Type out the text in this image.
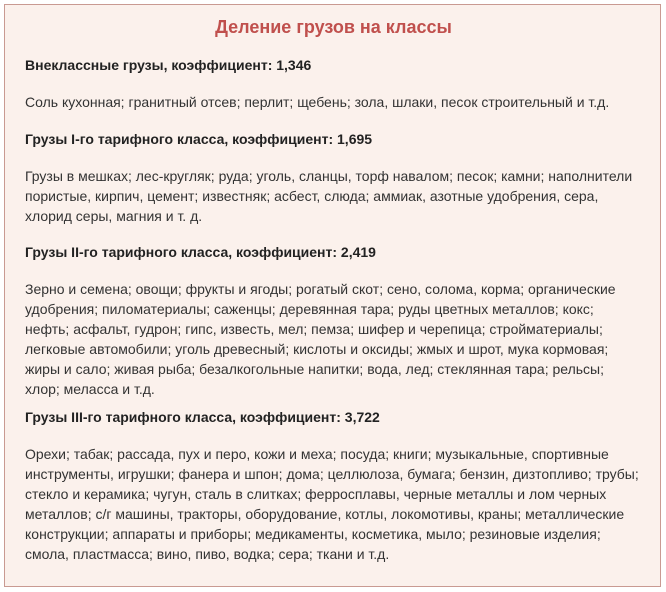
Деление грузов на классы
Внеклассные грузы, коэффициент: 1,346

Соль кухонная; гранитный отсев; перлит; щебень; зола, шлаки, песок строительный и т.д.

Грузы I-го тарифного класса, коэффициент: 1,695

Грузы в мешках; лес-кругляк; руда; уголь, сланцы, торф навалом; песок; камни; наполнители пористые, кирпич, цемент; известняк; асбест, слюда; аммиак, азотные удобрения, сера, хлорид серы, магния и т. д.

Грузы II-го тарифного класса, коэффициент: 2,419

Зерно и семена; овощи; фрукты и ягоды; рогатый скот; сено, солома, корма; органические удобрения; пиломатериалы; саженцы; деревянная тара; руды цветных металлов; кокс; нефть; асфальт, гудрон; гипс, известь, мел; пемза; шифер и черепица; стройматериалы; легковые автомобили; уголь древесный; кислоты и оксиды; жмых и шрот, мука кормовая; жиры и сало; живая рыба; безалкогольные напитки; вода, лед; стеклянная тара; рельсы; хлор; меласса и т.д.

Грузы III-го тарифного класса, коэффициент: 3,722

Орехи; табак; рассада, пух и перо, кожи и меха; посуда; книги; музыкальные, спортивные инструменты, игрушки; фанера и шпон; дома; целлюлоза, бумага; бензин, дизтопливо; трубы; стекло и керамика; чугун, сталь в слитках; ферросплавы, черные металлы и лом черных металлов; с/г машины, тракторы, оборудование, котлы, локомотивы, краны; металлические конструкции; аппараты и приборы; медикаменты, косметика, мыло; резиновые изделия; смола, пластмасса; вино, пиво, водка; сера; ткани и т.д.
